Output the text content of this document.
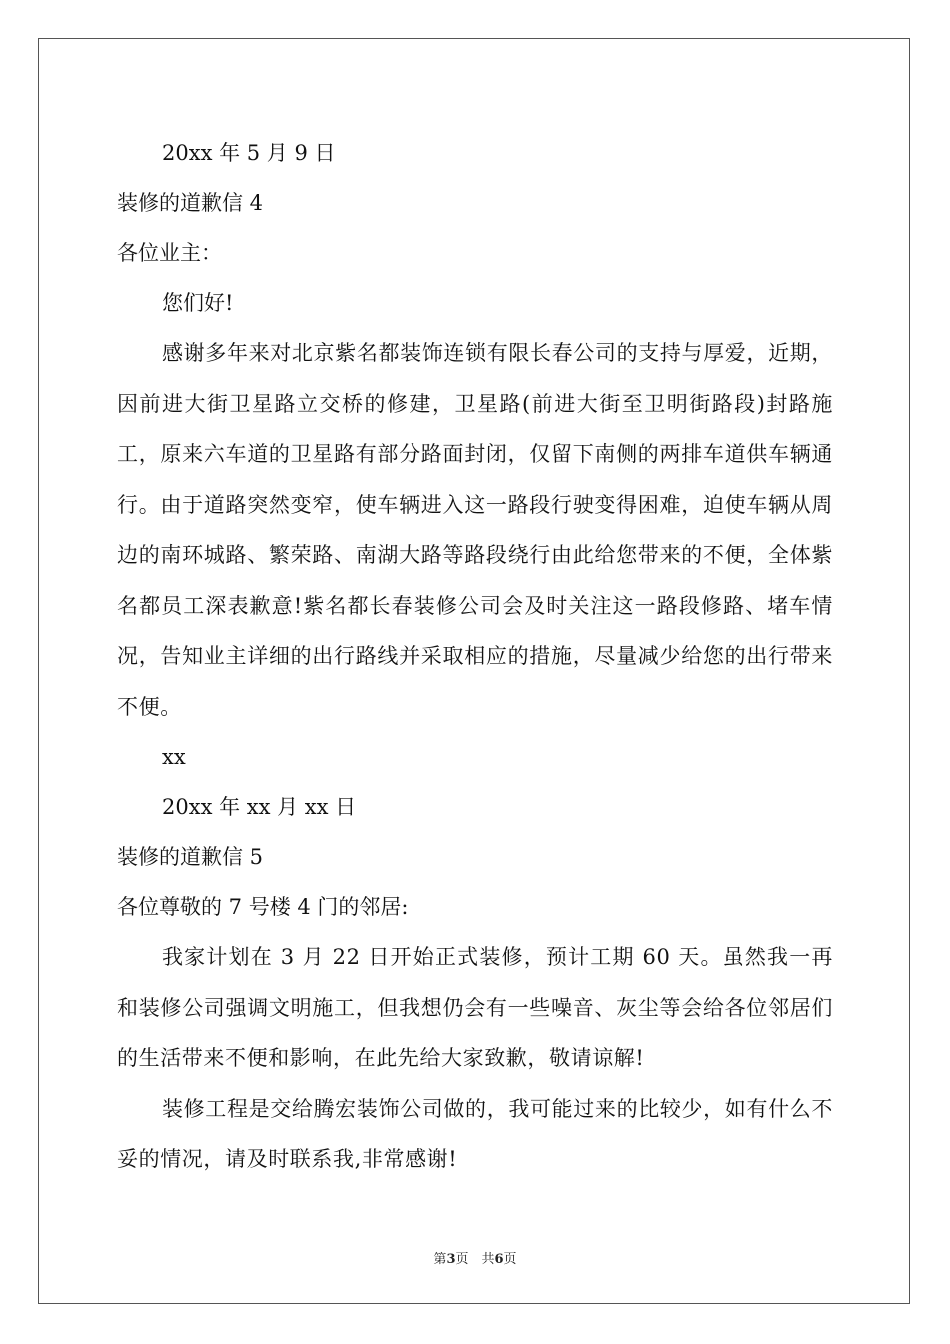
20xx 年 5 月 9 日

装修的道歉信 4

各位业主：

您们好!

感谢多年来对北京紫名都装饰连锁有限长春公司的支持与厚爱，近期，因前进大街卫星路立交桥的修建，卫星路(前进大街至卫明街路段)封路施工，原来六车道的卫星路有部分路面封闭，仅留下南侧的两排车道供车辆通行。由于道路突然变窄，使车辆进入这一路段行驶变得困难，迫使车辆从周边的南环城路、繁荣路、南湖大路等路段绕行由此给您带来的不便，全体紫名都员工深表歉意!紫名都长春装修公司会及时关注这一路段修路、堵车情况，告知业主详细的出行路线并采取相应的措施，尽量减少给您的出行带来不便。

xx

20xx 年 xx 月 xx 日

装修的道歉信 5

各位尊敬的 7 号楼 4 门的邻居:

我家计划在 3 月 22 日开始正式装修，预计工期 60 天。虽然我一再和装修公司强调文明施工，但我想仍会有一些噪音、灰尘等会给各位邻居们的生活带来不便和影响，在此先给大家致歉，敬请谅解!

装修工程是交给腾宏装饰公司做的，我可能过来的比较少，如有什么不妥的情况，请及时联系我,非常感谢!

第3页　共6页
